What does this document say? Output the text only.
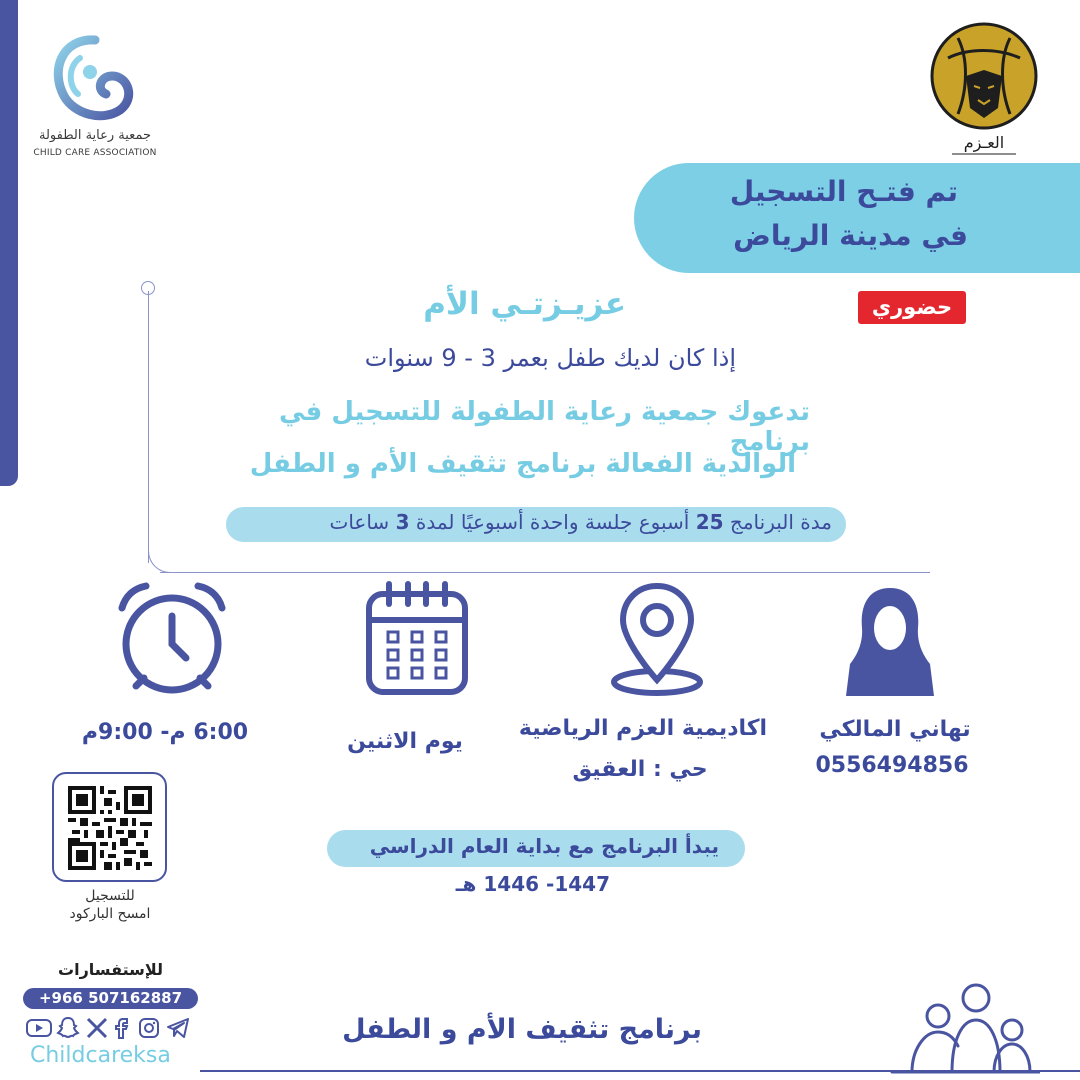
جمعية رعاية الطفولة
CHILD CARE ASSOCIATION
العـزم
تم فتـح التسجيل
في مدينة الرياض
حضوري
عزيـزتـي الأم
إذا كان لديك طفل بعمر 3 - 9 سنوات
تدعوك جمعية رعاية الطفولة للتسجيل في برنامج
الوالدية الفعالة برنامج تثقيف الأم و الطفل
مدة البرنامج 25 أسبوع جلسة واحدة أسبوعيًا لمدة 3 ساعات
تهاني المالكي
0556494856
اكاديمية العزم الرياضية
حي : العقيق
يوم الاثنين
6:00 م- 9:00م
للتسجيل
امسح الباركود
يبدأ البرنامج مع بداية العام الدراسي
1447- 1446 هـ
للإستفسارات
+966 507162887
Childcareksa
برنامج تثقيف الأم و الطفل
